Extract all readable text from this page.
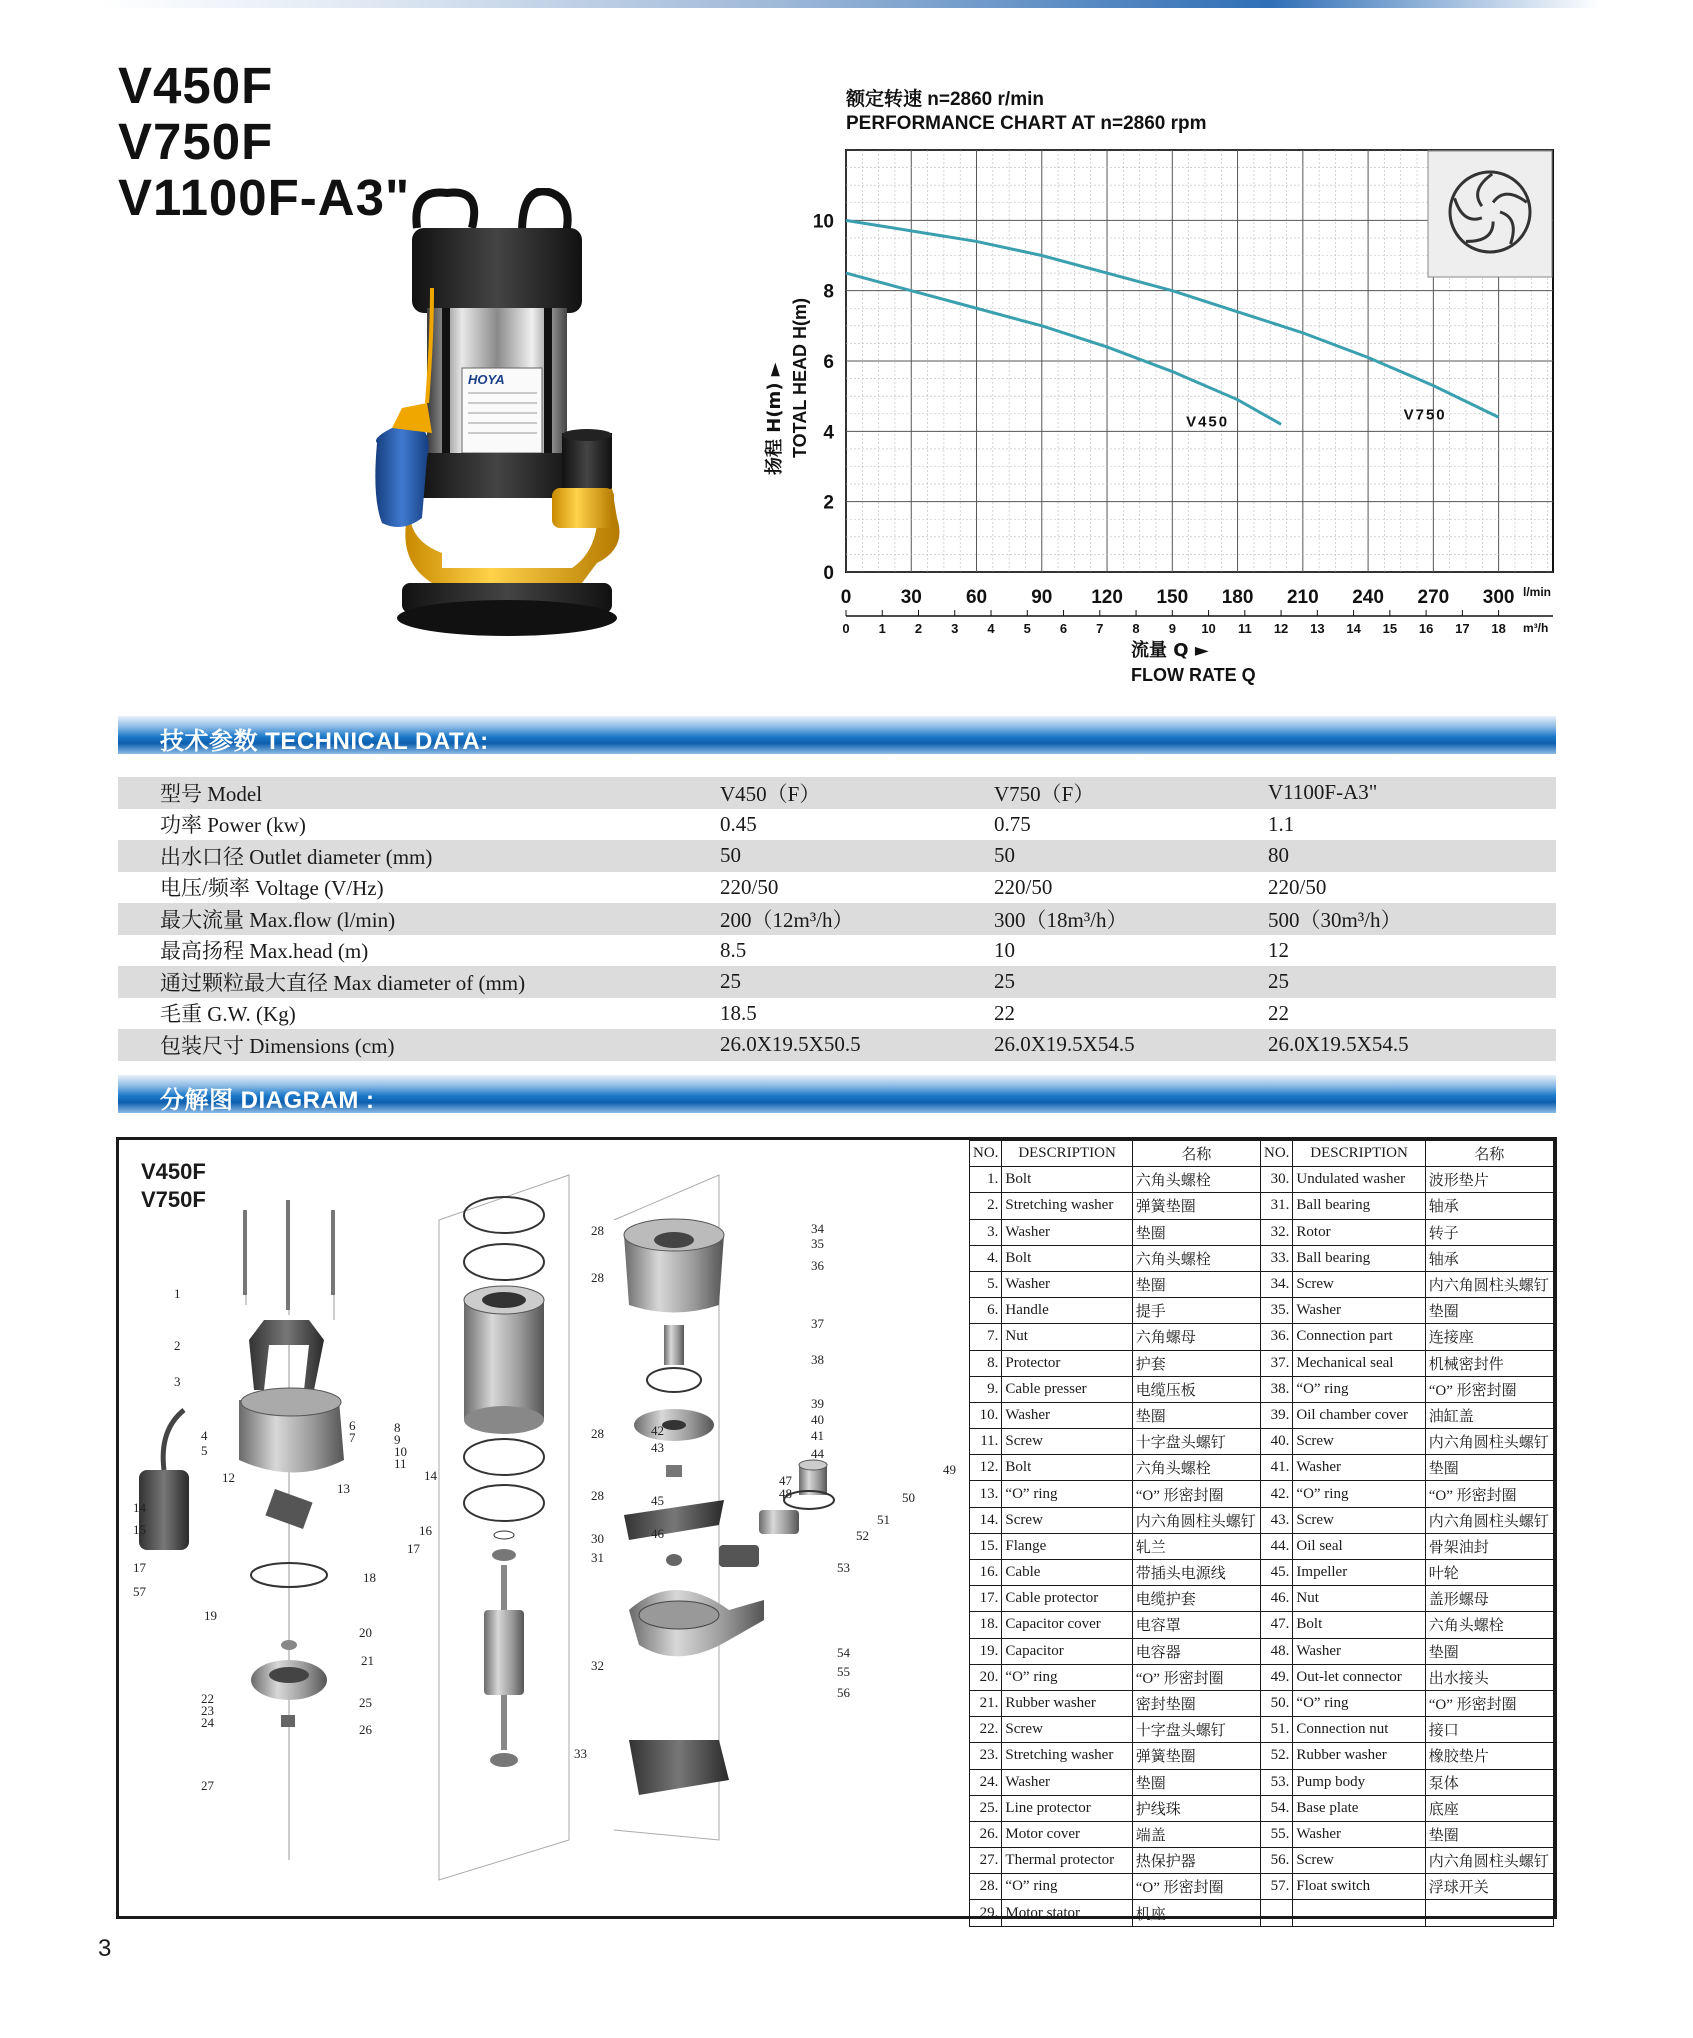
V450F
V750F
V1100F-A3"
HOYA
额定转速 n=2860 r/min
PERFORMANCE CHART AT n=2860 rpm
扬程 H(m) ► TOTAL HEAD H(m)
流量 Q ►
FLOW RATE Q
l/min
m³/h
0
2
4
6
8
10
0	30 60 90 120 150 180 210 240 270 300
0 1 2 3 4 5 6 7 8 9 10 11 12 13 14 15 16 17 18
V450	V750
技术参数 TECHNICAL DATA:
型号 Model	V450（F）	V750（F）	V1100F-A3"
功率 Power (kw)	0.45	0.75	1.1
出水口径 Outlet diameter (mm)	50	50	80
电压/频率 Voltage (V/Hz)	220/50	220/50	220/50
最大流量 Max.flow (l/min)	200（12m³/h）	300（18m³/h）	500（30m³/h）
最高扬程 Max.head (m)	8.5	10	12
通过颗粒最大直径 Max diameter of (mm)	25	25	25
毛重 G.W. (Kg)	18.5	22	22
包装尺寸 Dimensions (cm)	26.0X19.5X50.5	26.0X19.5X54.5	26.0X19.5X54.5
分解图 DIAGRAM :
V450F
V750F
1
2
3
4
5
6
7
8
9
10
11
12
13
14
14
15	16
17
17
18
57
19
20
21
22
23
24
25
26
27
28
28
28
28
30
31
32
33
34
35
36
37
38
39
40
41
42
43	44
45
46
47
48
49
50
51
52
53
54
55
56
NO.	DESCRIPTION	名称	NO.	DESCRIPTION	名称
1.	Bolt	六角头螺栓	30.	Undulated washer	波形垫片
2.	Stretching washer	弹簧垫圈	31.	Ball bearing	轴承
3.	Washer	垫圈	32.	Rotor	转子
4.	Bolt	六角头螺栓	33.	Ball bearing	轴承
5.	Washer	垫圈	34.	Screw	内六角圆柱头螺钉
6.	Handle	提手	35.	Washer	垫圈
7.	Nut	六角螺母	36.	Connection part	连接座
8.	Protector	护套	37.	Mechanical seal	机械密封件
9.	Cable presser	电缆压板	38.	“O” ring	“O” 形密封圈
10.	Washer	垫圈	39.	Oil chamber cover	油缸盖
11.	Screw	十字盘头螺钉	40.	Screw	内六角圆柱头螺钉
12.	Bolt	六角头螺栓	41.	Washer	垫圈
13.	“O” ring	“O” 形密封圈	42.	“O” ring	“O” 形密封圈
14.	Screw	内六角圆柱头螺钉	43.	Screw	内六角圆柱头螺钉
15.	Flange	轧兰	44.	Oil seal	骨架油封
16.	Cable	带插头电源线	45.	Impeller	叶轮
17.	Cable protector	电缆护套	46.	Nut	盖形螺母
18.	Capacitor cover	电容罩	47.	Bolt	六角头螺栓
19.	Capacitor	电容器	48.	Washer	垫圈
20.	“O” ring	“O” 形密封圈	49.	Out-let connector	出水接头
21.	Rubber washer	密封垫圈	50.	“O” ring	“O” 形密封圈
22.	Screw	十字盘头螺钉	51.	Connection nut	接口
23.	Stretching washer	弹簧垫圈	52.	Rubber washer	橡胶垫片
24.	Washer	垫圈	53.	Pump body	泵体
25.	Line protector	护线珠	54.	Base plate	底座
26.	Motor cover	端盖	55.	Washer	垫圈
27.	Thermal protector	热保护器	56.	Screw	内六角圆柱头螺钉
28.	“O” ring	“O” 形密封圈	57.	Float switch	浮球开关
29.	Motor stator	机座			
3
